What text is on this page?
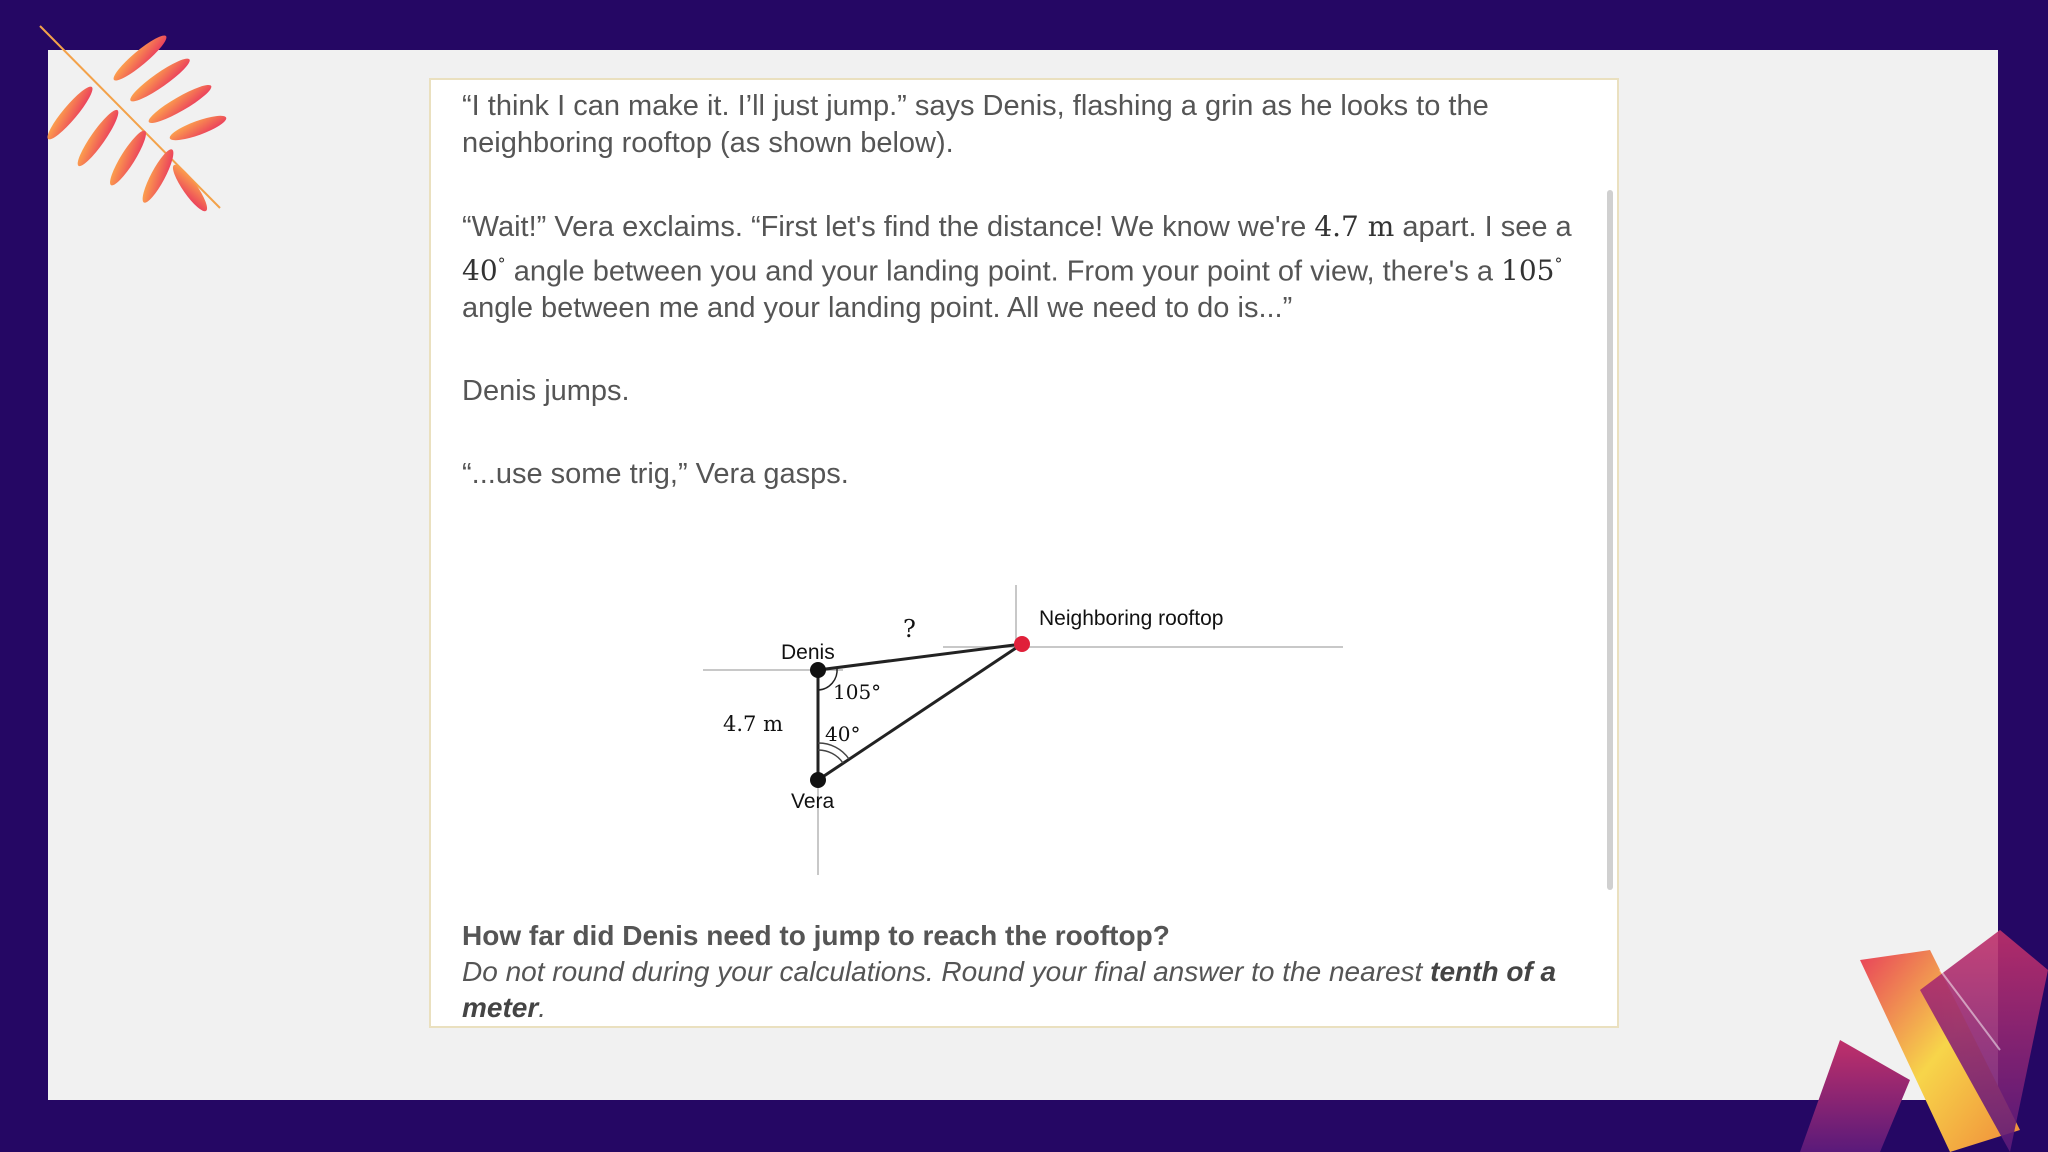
“I think I can make it. I’ll just jump.” says Denis, flashing a grin as he looks to the neighboring rooftop (as shown below).

“Wait!” Vera exclaims. “First let's find the distance! We know we're 4.7 m apart. I see a 40° angle between you and your landing point. From your point of view, there's a 105° angle between me and your landing point. All we need to do is...”

Denis jumps.

“...use some trig,” Vera gasps.

Denis
Vera
Neighboring rooftop
?
4.7 m
105°
40°
How far did Denis need to jump to reach the rooftop?
Do not round during your calculations. Round your final answer to the nearest tenth of a meter.
